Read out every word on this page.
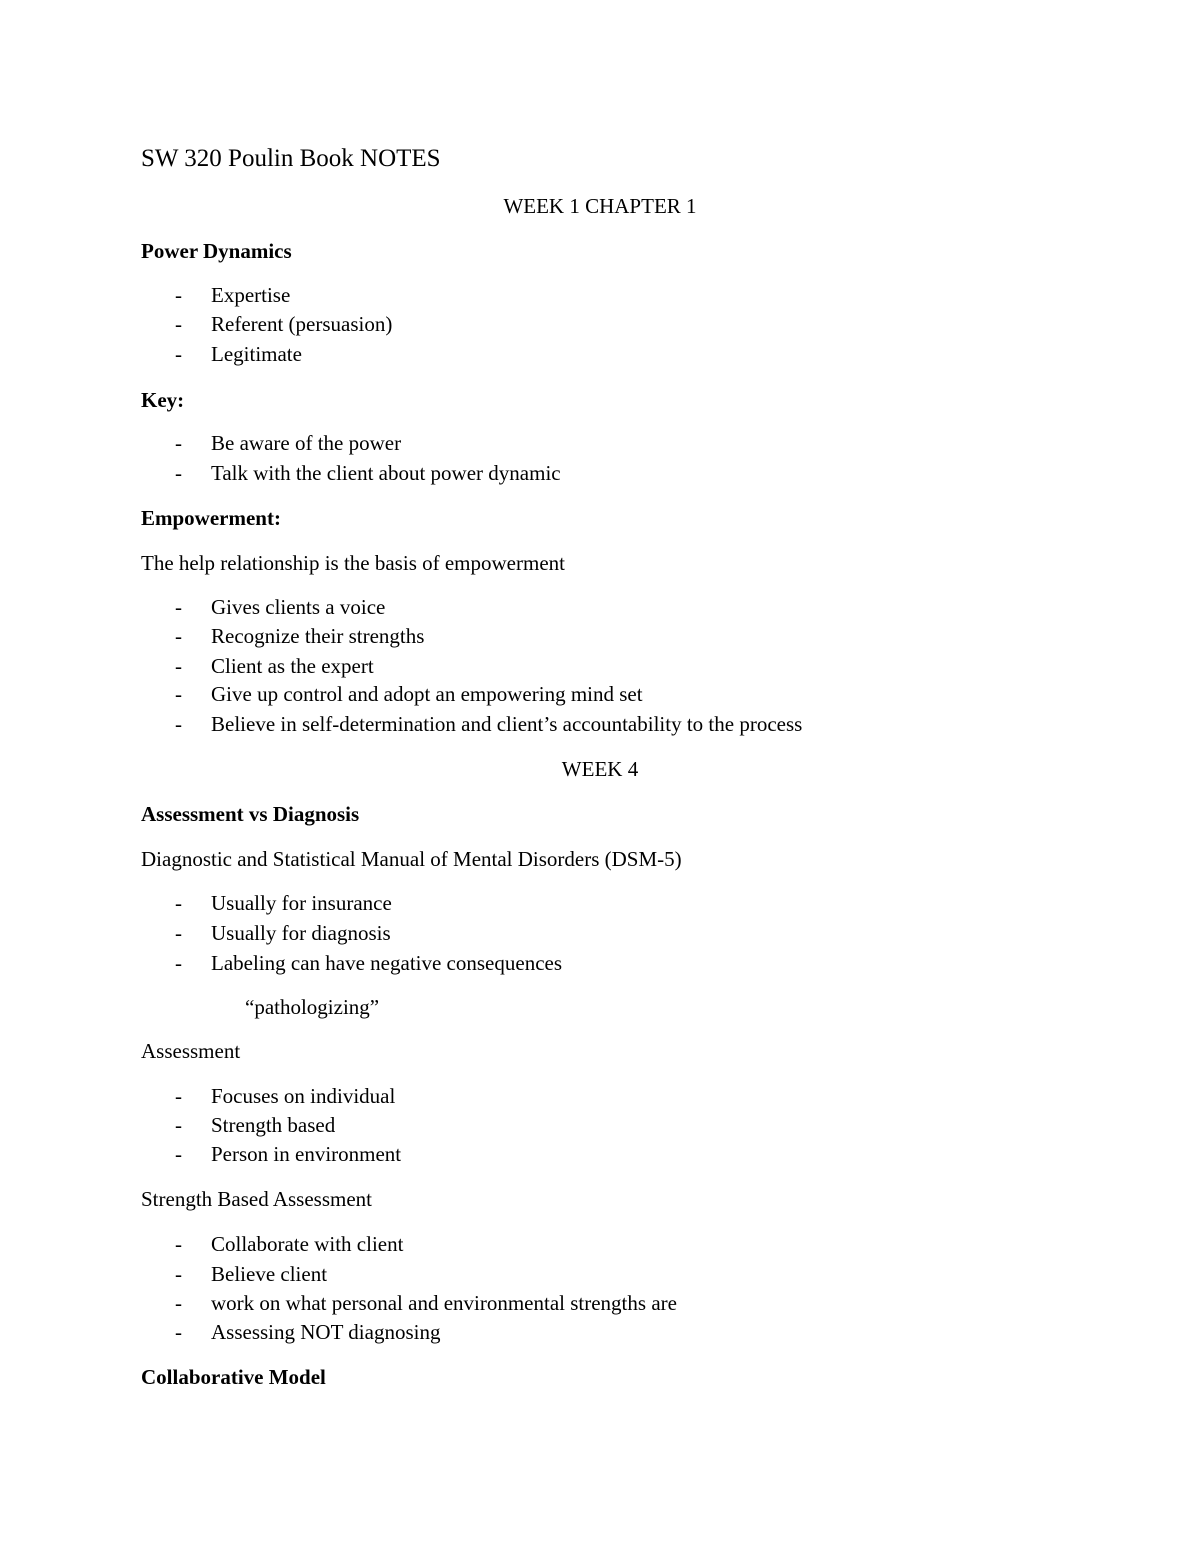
SW 320 Poulin Book NOTES
WEEK 1 CHAPTER 1
Power Dynamics
- Expertise
- Referent (persuasion)
- Legitimate
Key:
- Be aware of the power
- Talk with the client about power dynamic
Empowerment:
The help relationship is the basis of empowerment
- Gives clients a voice
- Recognize their strengths
- Client as the expert
- Give up control and adopt an empowering mind set
- Believe in self-determination and client’s accountability to the process
WEEK 4
Assessment vs Diagnosis
Diagnostic and Statistical Manual of Mental Disorders (DSM-5)
- Usually for insurance
- Usually for diagnosis
- Labeling can have negative consequences
“pathologizing”
Assessment
- Focuses on individual
- Strength based
- Person in environment
Strength Based Assessment
- Collaborate with client
- Believe client
- work on what personal and environmental strengths are
- Assessing NOT diagnosing
Collaborative Model
